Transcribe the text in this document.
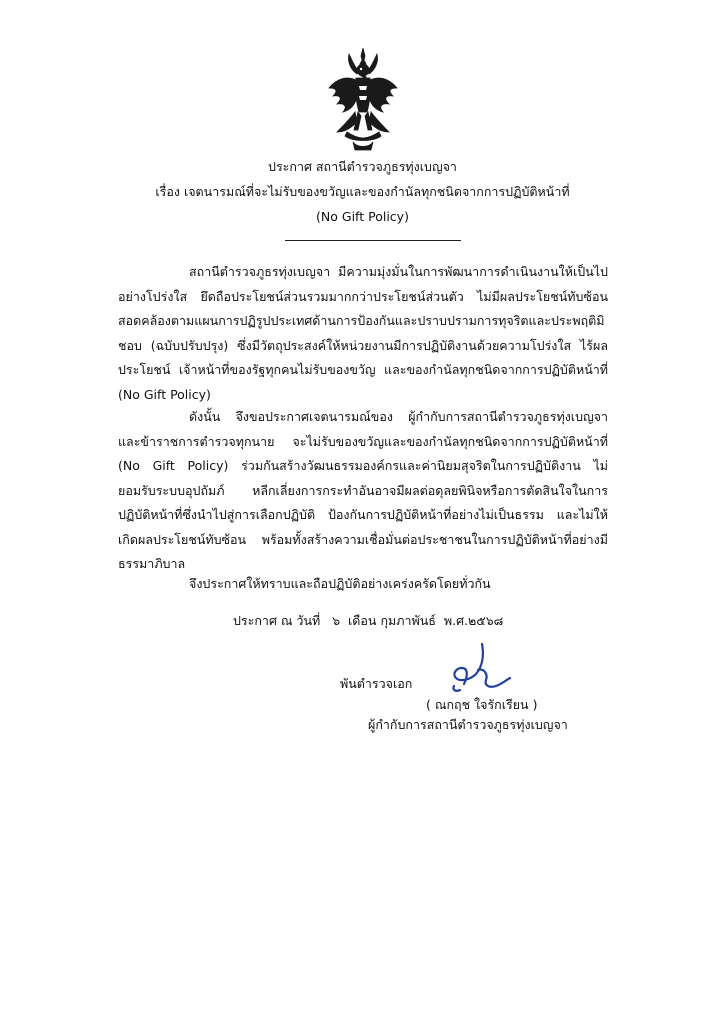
ประกาศ สถานีตำรวจภูธรทุ่งเบญจา
เรื่อง เจตนารมณ์ที่จะไม่รับของขวัญและของกำนัลทุกชนิดจากการปฏิบัติหน้าที่
(No Gift Policy)

สถานีตำรวจภูธรทุ่งเบญจา มีความมุ่งมั่นในการพัฒนาการดำเนินงานให้เป็นไปอย่างโปร่งใส ยึดถือประโยชน์ส่วนรวมมากกว่าประโยชน์ส่วนตัว ไม่มีผลประโยชน์ทับซ้อน สอดคล้องตามแผนการปฏิรูปประเทศด้านการป้องกันและปราบปรามการทุจริตและประพฤติมิชอบ (ฉบับปรับปรุง) ซึ่งมีวัตถุประสงค์ให้หน่วยงานมีการปฏิบัติงานด้วยความโปร่งใส ไร้ผลประโยชน์ เจ้าหน้าที่ของรัฐทุกคนไม่รับของขวัญ และของกำนัลทุกชนิดจากการปฏิบัติหน้าที่ (No Gift Policy)

ดังนั้น จึงขอประกาศเจตนารมณ์ของ ผู้กำกับการสถานีตำรวจภูธรทุ่งเบญจา และข้าราชการตำรวจทุกนาย จะไม่รับของขวัญและของกำนัลทุกชนิดจากการปฏิบัติหน้าที่ (No Gift Policy) ร่วมกันสร้างวัฒนธรรมองค์กรและค่านิยมสุจริตในการปฏิบัติงาน ไม่ยอมรับระบบอุปถัมภ์ หลีกเลี่ยงการกระทำอันอาจมีผลต่อดุลยพินิจหรือการตัดสินใจในการปฏิบัติหน้าที่ซึ่งนำไปสู่การเลือกปฏิบัติ ป้องกันการปฏิบัติหน้าที่อย่างไม่เป็นธรรม และไม่ให้เกิดผลประโยชน์ทับซ้อน พร้อมทั้งสร้างความเชื่อมั่นต่อประชาชนในการปฏิบัติหน้าที่อย่างมีธรรมาภิบาล

จึงประกาศให้ทราบและถือปฏิบัติอย่างเคร่งครัดโดยทั่วกัน
ประกาศ ณ วันที่   ๖  เดือน กุมภาพันธ์  พ.ศ.๒๕๖๘
พันตำรวจเอก
( ณกฤช ใจรักเรียน )
ผู้กำกับการสถานีตำรวจภูธรทุ่งเบญจา
